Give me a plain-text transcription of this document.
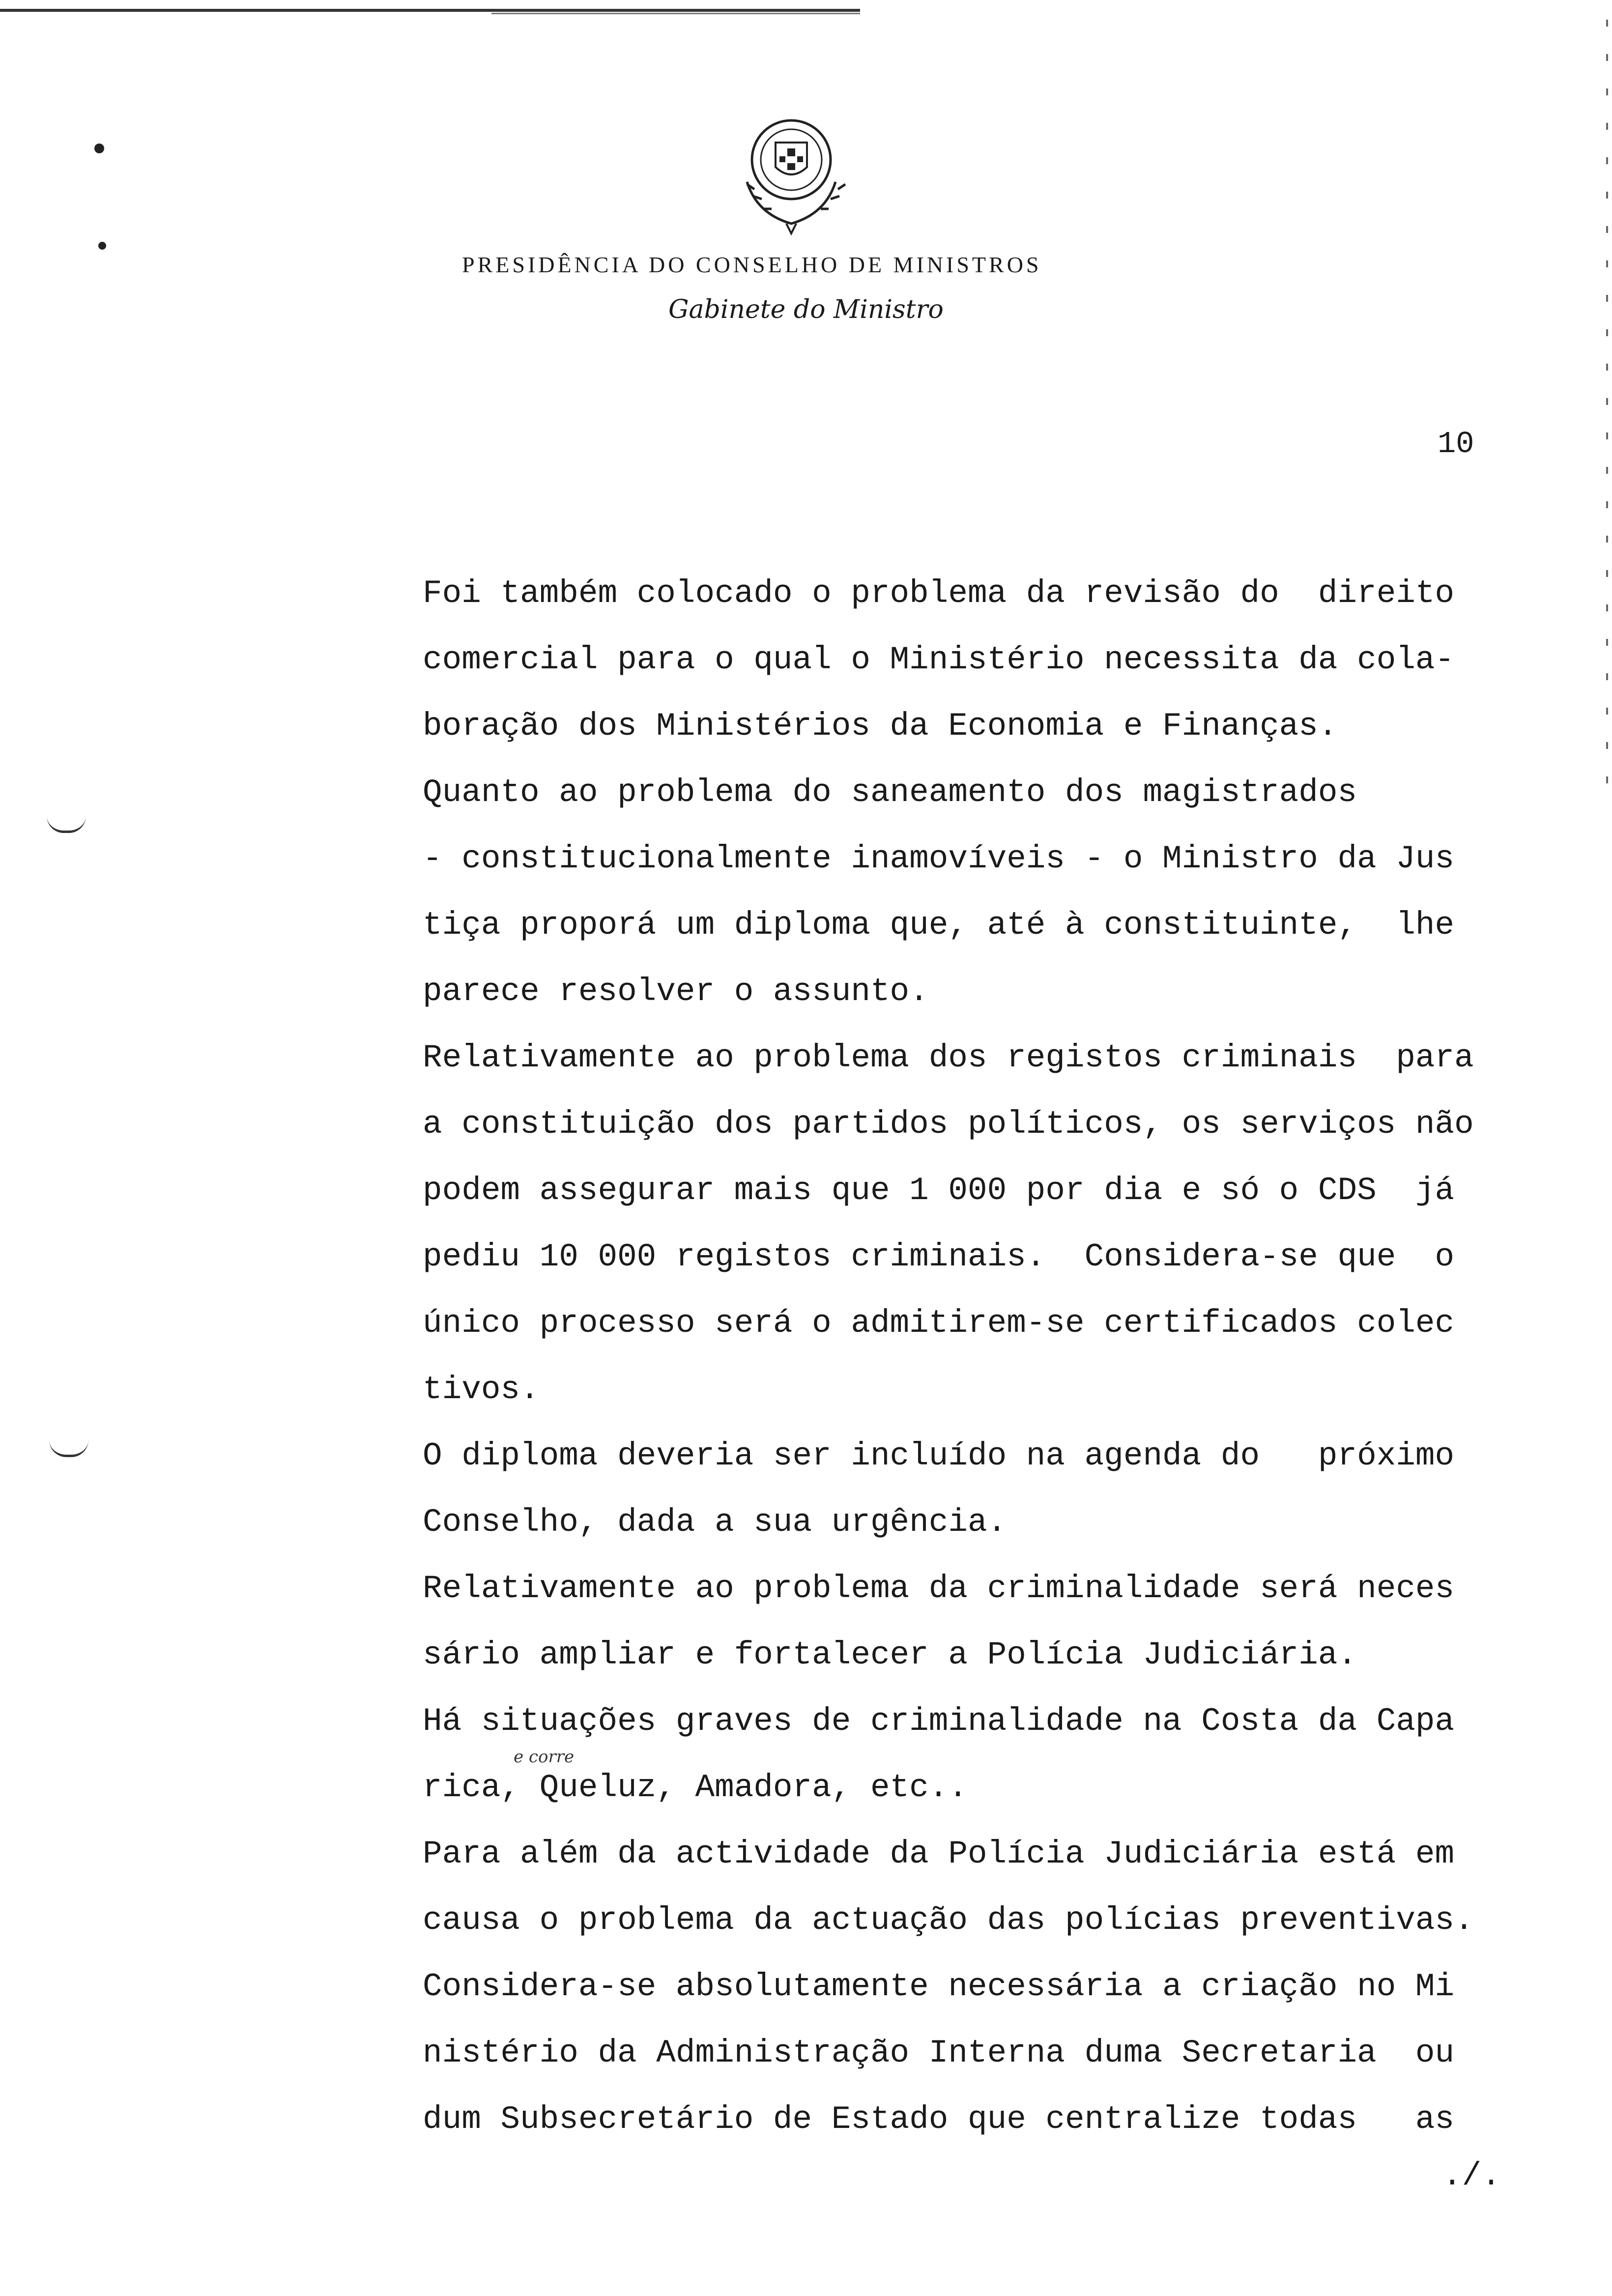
PRESIDÊNCIA DO CONSELHO DE MINISTROS
Gabinete do Ministro
10
Foi também colocado o problema da revisão do  direito
comercial para o qual o Ministério necessita da cola-
boração dos Ministérios da Economia e Finanças.
Quanto ao problema do saneamento dos magistrados
- constitucionalmente inamovíveis - o Ministro da Jus
tiça proporá um diploma que, até à constituinte,  lhe
parece resolver o assunto.
Relativamente ao problema dos registos criminais  para
a constituição dos partidos políticos, os serviços não
podem assegurar mais que 1 000 por dia e só o CDS  já
pediu 10 000 registos criminais.  Considera-se que  o
único processo será o admitirem-se certificados colec
tivos.
O diploma deveria ser incluído na agenda do   próximo
Conselho, dada a sua urgência.
Relativamente ao problema da criminalidade será neces
sário ampliar e fortalecer a Polícia Judiciária.
Há situações graves de criminalidade na Costa da Capa
rica, Queluz, Amadora, etc..
Para além da actividade da Polícia Judiciária está em
causa o problema da actuação das polícias preventivas.
Considera-se absolutamente necessária a criação no Mi
nistério da Administração Interna duma Secretaria  ou
dum Subsecretário de Estado que centralize todas   as
e corre
./.
